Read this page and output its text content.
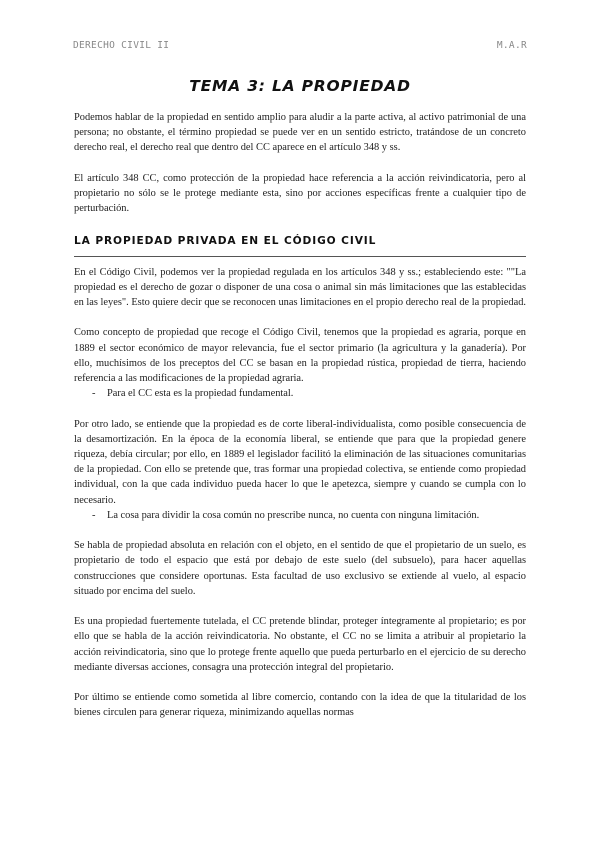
DERECHO CIVIL II	M.A.R
TEMA 3: LA PROPIEDAD

Podemos hablar de la propiedad en sentido amplio para aludir a la parte activa, al activo patrimonial de una persona; no obstante, el término propiedad se puede ver en un sentido estricto, tratándose de un concreto derecho real, el derecho real que dentro del CC aparece en el artículo 348 y ss.

El artículo 348 CC, como protección de la propiedad hace referencia a la acción reivindicatoria, pero al propietario no sólo se le protege mediante esta, sino por acciones específicas frente a cualquier tipo de perturbación.

LA PROPIEDAD PRIVADA EN EL CÓDIGO CIVIL

En el Código Civil, podemos ver la propiedad regulada en los artículos 348 y ss.; estableciendo este: ""La propiedad es el derecho de gozar o disponer de una cosa o animal sin más limitaciones que las establecidas en las leyes". Esto quiere decir que se reconocen unas limitaciones en el propio derecho real de la propiedad.

Como concepto de propiedad que recoge el Código Civil, tenemos que la propiedad es agraria, porque en 1889 el sector económico de mayor relevancia, fue el sector primario (la agricultura y la ganadería). Por ello, muchísimos de los preceptos del CC se basan en la propiedad rústica, propiedad de tierra, haciendo referencia a las modificaciones de la propiedad agraria.

- Para el CC esta es la propiedad fundamental.

Por otro lado, se entiende que la propiedad es de corte liberal-individualista, como posible consecuencia de la desamortización. En la época de la economía liberal, se entiende que para que la propiedad genere riqueza, debía circular; por ello, en 1889 el legislador facilitó la eliminación de las situaciones comunitarias de la propiedad. Con ello se pretende que, tras formar una propiedad colectiva, se entiende como propiedad individual, con la que cada individuo pueda hacer lo que le apetezca, siempre y cuando se cumpla con lo necesario.

- La cosa para dividir la cosa común no prescribe nunca, no cuenta con ninguna limitación.

Se habla de propiedad absoluta en relación con el objeto, en el sentido de que el propietario de un suelo, es propietario de todo el espacio que está por debajo de este suelo (del subsuelo), para hacer aquellas construcciones que considere oportunas. Esta facultad de uso exclusivo se extiende al vuelo, al espacio situado por encima del suelo.

Es una propiedad fuertemente tutelada, el CC pretende blindar, proteger íntegramente al propietario; es por ello que se habla de la acción reivindicatoria. No obstante, el CC no se limita a atribuir al propietario la acción reivindicatoria, sino que lo protege frente aquello que pueda perturbarlo en el ejercicio de su derecho mediante diversas acciones, consagra una protección integral del propietario.

Por último se entiende como sometida al libre comercio, contando con la idea de que la titularidad de los bienes circulen para generar riqueza, minimizando aquellas normas
